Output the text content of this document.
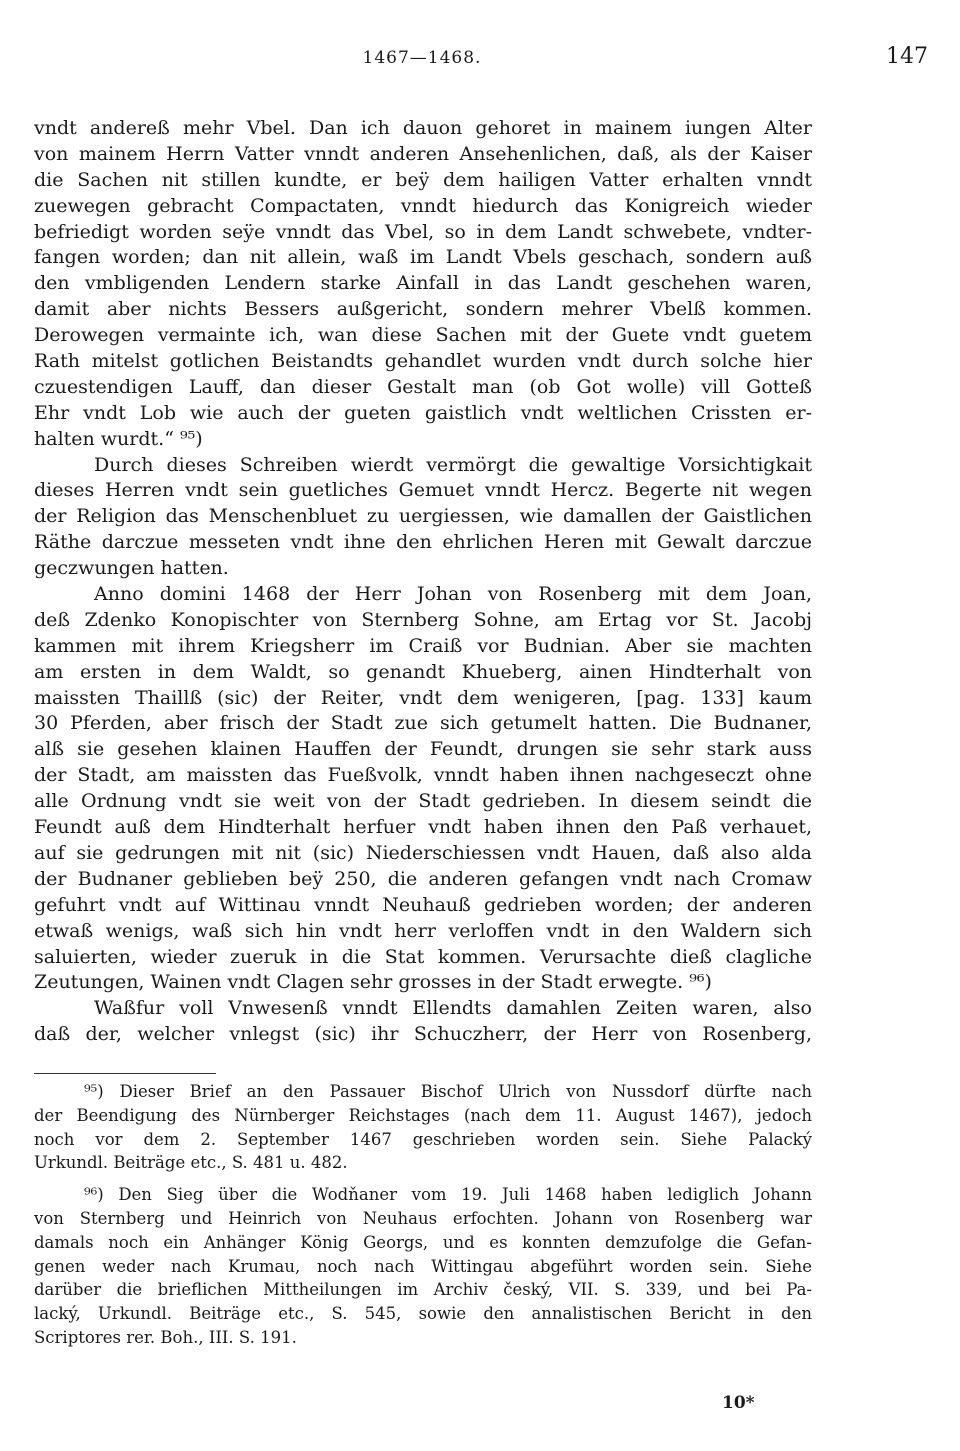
1467—1468.	147
vndt andereß mehr Vbel. Dan ich dauon gehoret in mainem iungen Alter
von mainem Herrn Vatter vnndt anderen Ansehenlichen, daß, als der Kaiser
die Sachen nit stillen kundte, er beÿ dem hailigen Vatter erhalten vnndt
zuewegen gebracht Compactaten, vnndt hiedurch das Konigreich wieder
befriedigt worden seÿe vnndt das Vbel, so in dem Landt schwebete, vndter-
fangen worden; dan nit allein, waß im Landt Vbels geschach, sondern auß
den vmbligenden Lendern starke Ainfall in das Landt geschehen waren,
damit aber nichts Bessers außgericht, sondern mehrer Vbelß kommen.
Derowegen vermainte ich, wan diese Sachen mit der Guete vndt guetem
Rath mitelst gotlichen Beistandts gehandlet wurden vndt durch solche hier
czuestendigen Lauff, dan dieser Gestalt man (ob Got wolle) vill Gotteß
Ehr vndt Lob wie auch der gueten gaistlich vndt weltlichen Crissten er-
halten wurdt.“ ⁹⁵)
Durch dieses Schreiben wierdt vermörgt die gewaltige Vorsichtigkait
dieses Herren vndt sein guetliches Gemuet vnndt Hercz. Begerte nit wegen
der Religion das Menschenbluet zu uergiessen, wie damallen der Gaistlichen
Räthe darczue messeten vndt ihne den ehrlichen Heren mit Gewalt darczue
geczwungen hatten.
Anno domini 1468 der Herr Johan von Rosenberg mit dem Joan,
deß Zdenko Konopischter von Sternberg Sohne, am Ertag vor St. Jacobj
kammen mit ihrem Kriegsherr im Craiß vor Budnian. Aber sie machten
am ersten in dem Waldt, so genandt Khueberg, ainen Hindterhalt von
maissten Thaillß (sic) der Reiter, vndt dem wenigeren, [pag. 133] kaum
30 Pferden, aber frisch der Stadt zue sich getumelt hatten. Die Budnaner,
alß sie gesehen klainen Hauffen der Feundt, drungen sie sehr stark auss
der Stadt, am maissten das Fueßvolk, vnndt haben ihnen nachgeseczt ohne
alle Ordnung vndt sie weit von der Stadt gedrieben. In diesem seindt die
Feundt auß dem Hindterhalt herfuer vndt haben ihnen den Paß verhauet,
auf sie gedrungen mit nit (sic) Niederschiessen vndt Hauen, daß also alda
der Budnaner geblieben beÿ 250, die anderen gefangen vndt nach Cromaw
gefuhrt vndt auf Wittinau vnndt Neuhauß gedrieben worden; der anderen
etwaß wenigs, waß sich hin vndt herr verloffen vndt in den Waldern sich
saluierten, wieder zueruk in die Stat kommen. Verursachte dieß clagliche
Zeutungen, Wainen vndt Clagen sehr grosses in der Stadt erwegte. ⁹⁶)
Waßfur voll Vnwesenß vnndt Ellendts damahlen Zeiten waren, also
daß der, welcher vnlegst (sic) ihr Schuczherr, der Herr von Rosenberg,
⁹⁵) Dieser Brief an den Passauer Bischof Ulrich von Nussdorf dürfte nach
der Beendigung des Nürnberger Reichstages (nach dem 11. August 1467), jedoch
noch vor dem 2. September 1467 geschrieben worden sein. Siehe Palacký
Urkundl. Beiträge etc., S. 481 u. 482.
⁹⁶) Den Sieg über die Wodňaner vom 19. Juli 1468 haben lediglich Johann
von Sternberg und Heinrich von Neuhaus erfochten. Johann von Rosenberg war
damals noch ein Anhänger König Georgs, und es konnten demzufolge die Gefan-
genen weder nach Krumau, noch nach Wittingau abgeführt worden sein. Siehe
darüber die brieflichen Mittheilungen im Archiv český, VII. S. 339, und bei Pa-
lacký, Urkundl. Beiträge etc., S. 545, sowie den annalistischen Bericht in den
Scriptores rer. Boh., III. S. 191.
10*
